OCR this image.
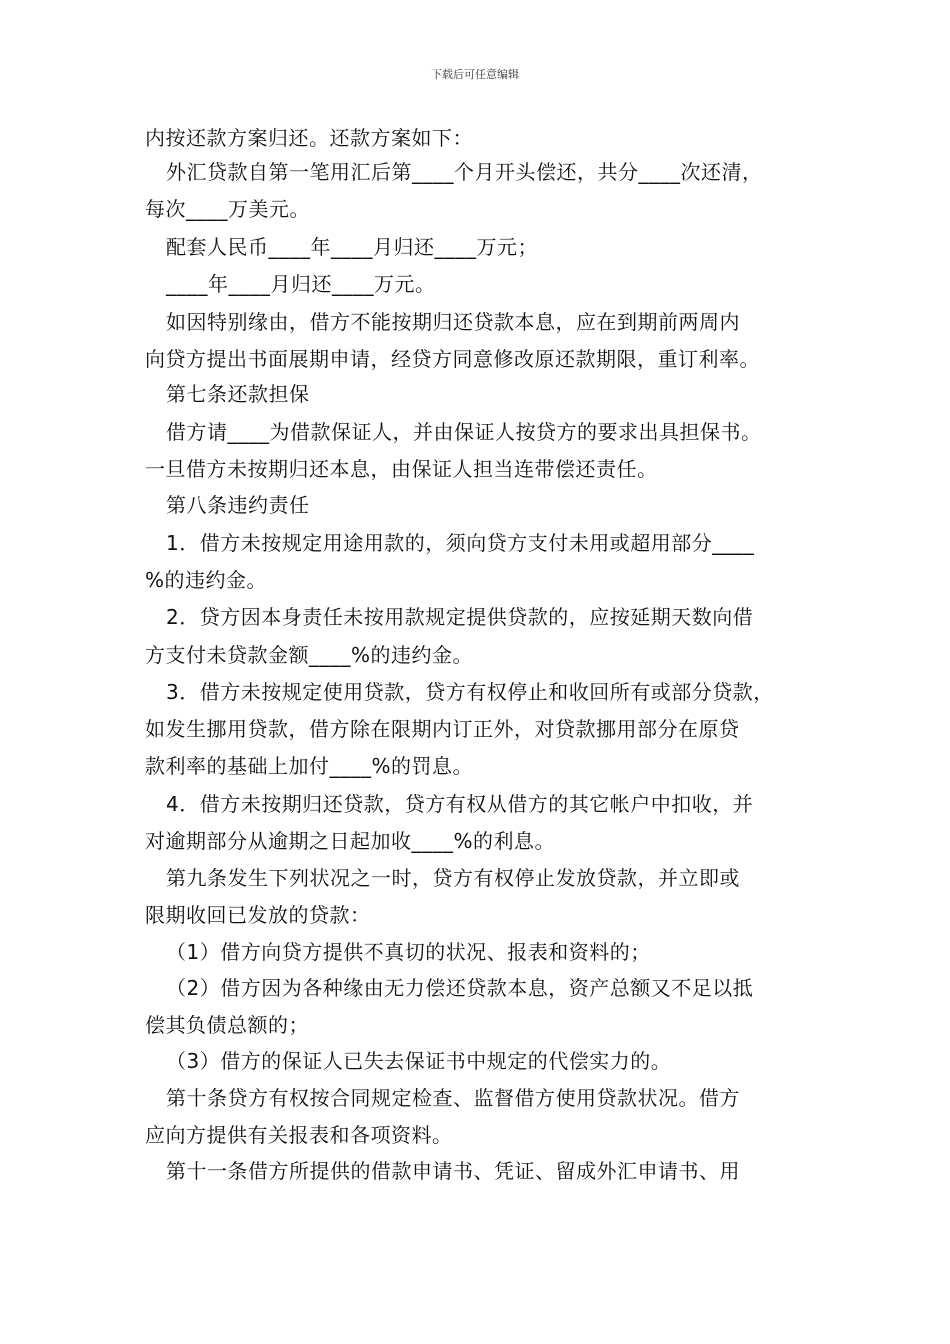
下载后可任意编辑
内按还款方案归还。还款方案如下：
外汇贷款自第一笔用汇后第____个月开头偿还，共分____次还清，
每次____万美元。
配套人民币____年____月归还____万元；
____年____月归还____万元。
如因特别缘由，借方不能按期归还贷款本息，应在到期前两周内
向贷方提出书面展期申请，经贷方同意修改原还款期限，重订利率。
第七条还款担保
借方请____为借款保证人，并由保证人按贷方的要求出具担保书。
一旦借方未按期归还本息，由保证人担当连带偿还责任。
第八条违约责任
1．借方未按规定用途用款的，须向贷方支付未用或超用部分____
%的违约金。
2．贷方因本身责任未按用款规定提供贷款的，应按延期天数向借
方支付未贷款金额____%的违约金。
3．借方未按规定使用贷款，贷方有权停止和收回所有或部分贷款，
如发生挪用贷款，借方除在限期内订正外，对贷款挪用部分在原贷
款利率的基础上加付____%的罚息。
4．借方未按期归还贷款，贷方有权从借方的其它帐户中扣收，并
对逾期部分从逾期之日起加收____%的利息。
第九条发生下列状况之一时，贷方有权停止发放贷款，并立即或
限期收回已发放的贷款：
（1）借方向贷方提供不真切的状况、报表和资料的；
（2）借方因为各种缘由无力偿还贷款本息，资产总额又不足以抵
偿其负债总额的；
（3）借方的保证人已失去保证书中规定的代偿实力的。
第十条贷方有权按合同规定检查、监督借方使用贷款状况。借方
应向方提供有关报表和各项资料。
第十一条借方所提供的借款申请书、凭证、留成外汇申请书、用
